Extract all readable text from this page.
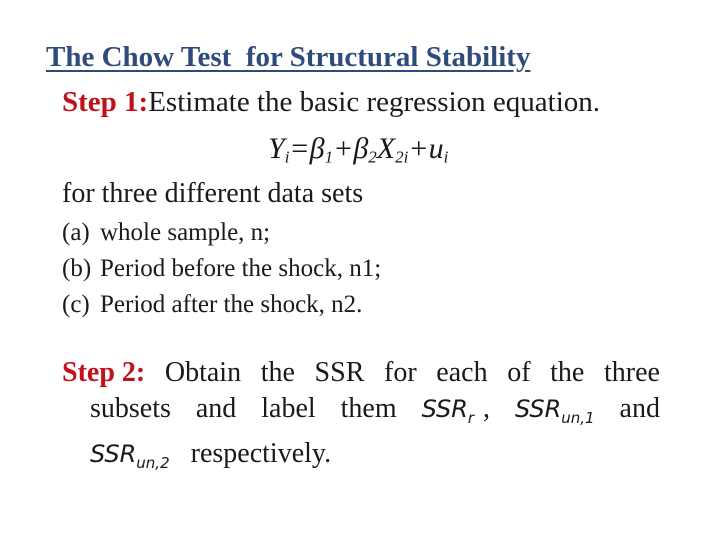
The Chow Test  for Structural Stability
Step 1:Estimate the basic regression equation.
$Y_i=\beta_1+\beta_2X_{2i}+u_i$
for three different data sets
(a) whole sample, n;
(b) Period before the shock, n1;
(c) Period after the shock, n2.
Step 2: Obtain the SSR for each of the three
subsets and label them $SSR_r$ , $SSR_{un,1}$ and
$SSR_{un,2}$ respectively.
